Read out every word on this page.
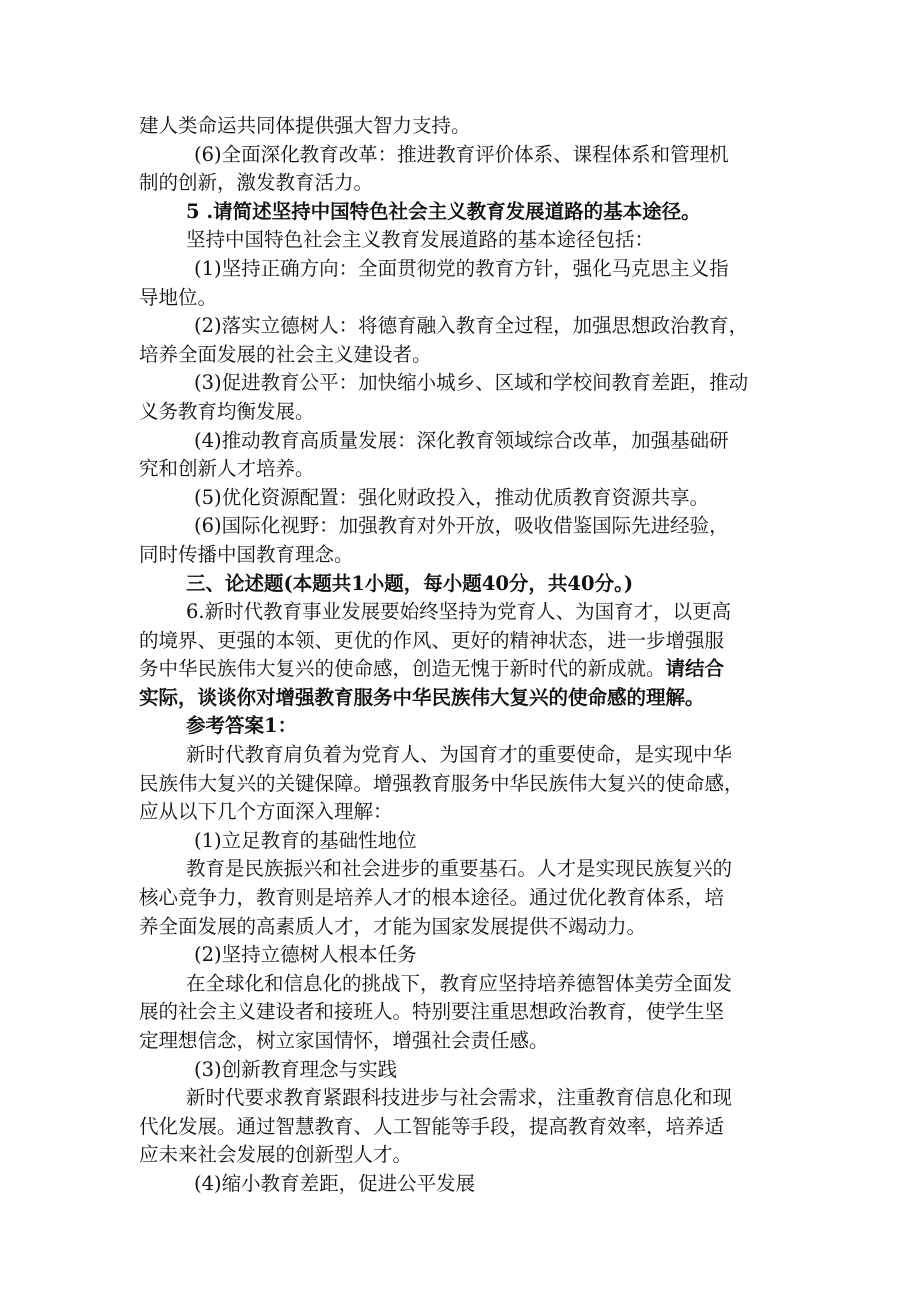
建人类命运共同体提供强大智力支持。
(6)全面深化教育改革：推进教育评价体系、课程体系和管理机
制的创新，激发教育活力。
5 .请简述坚持中国特色社会主义教育发展道路的基本途径。
坚持中国特色社会主义教育发展道路的基本途径包括：
(1)坚持正确方向：全面贯彻党的教育方针，强化马克思主义指
导地位。
(2)落实立德树人：将德育融入教育全过程，加强思想政治教育，
培养全面发展的社会主义建设者。
(3)促进教育公平：加快缩小城乡、区域和学校间教育差距，推动
义务教育均衡发展。
(4)推动教育高质量发展：深化教育领域综合改革，加强基础研
究和创新人才培养。
(5)优化资源配置：强化财政投入，推动优质教育资源共享。
(6)国际化视野：加强教育对外开放，吸收借鉴国际先进经验，
同时传播中国教育理念。
三、论述题(本题共1小题，每小题40分，共40分。)
6.新时代教育事业发展要始终坚持为党育人、为国育才，以更高
的境界、更强的本领、更优的作风、更好的精神状态，进一步增强服
务中华民族伟大复兴的使命感，创造无愧于新时代的新成就。请结合
实际，谈谈你对增强教育服务中华民族伟大复兴的使命感的理解。
参考答案1：
新时代教育肩负着为党育人、为国育才的重要使命，是实现中华
民族伟大复兴的关键保障。增强教育服务中华民族伟大复兴的使命感，
应从以下几个方面深入理解：
(1)立足教育的基础性地位
教育是民族振兴和社会进步的重要基石。人才是实现民族复兴的
核心竞争力，教育则是培养人才的根本途径。通过优化教育体系，培
养全面发展的高素质人才，才能为国家发展提供不竭动力。
(2)坚持立德树人根本任务
在全球化和信息化的挑战下，教育应坚持培养德智体美劳全面发
展的社会主义建设者和接班人。特别要注重思想政治教育，使学生坚
定理想信念，树立家国情怀，增强社会责任感。
(3)创新教育理念与实践
新时代要求教育紧跟科技进步与社会需求，注重教育信息化和现
代化发展。通过智慧教育、人工智能等手段，提高教育效率，培养适
应未来社会发展的创新型人才。
(4)缩小教育差距，促进公平发展
